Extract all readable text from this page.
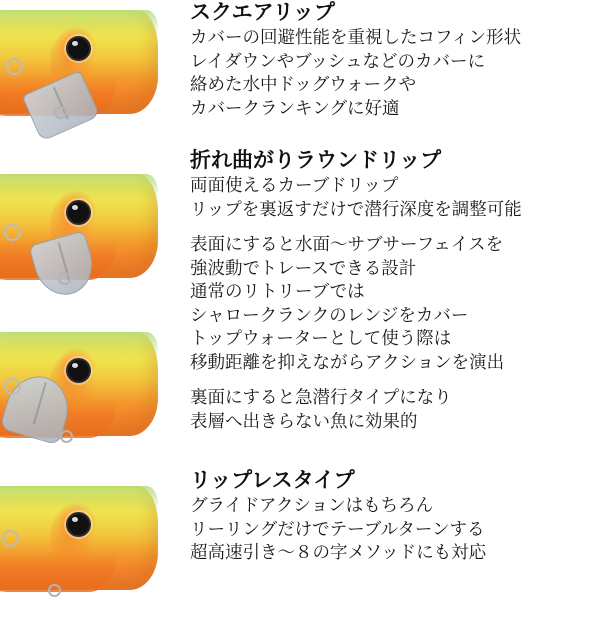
スクエアリップ
カバーの回避性能を重視したコフィン形状
レイダウンやブッシュなどのカバーに
絡めた水中ドッグウォークや
カバークランキングに好適
折れ曲がりラウンドリップ
両面使えるカーブドリップ
リップを裏返すだけで潜行深度を調整可能
表面にすると水面〜サブサーフェイスを
強波動でトレースできる設計
通常のリトリーブでは
シャロークランクのレンジをカバー
トップウォーターとして使う際は
移動距離を抑えながらアクションを演出
裏面にすると急潜行タイプになり
表層へ出きらない魚に効果的
リップレスタイプ
グライドアクションはもちろん
リーリングだけでテーブルターンする
超高速引き〜８の字メソッドにも対応
